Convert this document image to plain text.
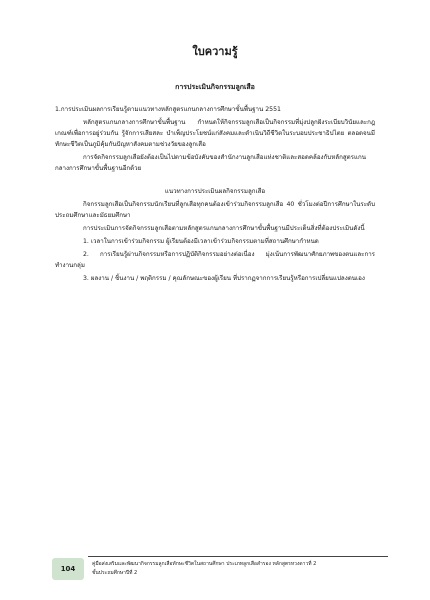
ใบความรู้
การประเมินกิจกรรมลูกเสือ

1.การประเมินผลการเรียนรู้ตามแนวทางหลักสูตรแกนกลางการศึกษาขั้นพื้นฐาน 2551

หลักสูตรแกนกลางการศึกษาขั้นพื้นฐาน กำหนดให้กิจกรรมลูกเสือเป็นกิจกรรมที่มุ่งปลูกฝังระเบียบวินัยและกฎเกณฑ์เพื่อการอยู่ร่วมกัน รู้จักการเสียสละ บำเพ็ญประโยชน์แก่สังคมและดำเนินวิถีชีวิตในระบอบประชาธิปไตย ตลอดจนมีทักษะชีวิตเป็นภูมิคุ้มกันปัญหาสังคมตามช่วงวัยของลูกเสือ

การจัดกิจกรรมลูกเสือยังต้องเป็นไปตามข้อบังคับของสำนักงานลูกเสือแห่งชาติและสอดคล้องกับหลักสูตรแกนกลางการศึกษาขั้นพื้นฐานอีกด้วย

แนวทางการประเมินผลกิจกรรมลูกเสือ

กิจกรรมลูกเสือเป็นกิจกรรมนักเรียนที่ลูกเสือทุกคนต้องเข้าร่วมกิจกรรมลูกเสือ 40 ชั่วโมงต่อปีการศึกษาในระดับประถมศึกษาและมัธยมศึกษา

การประเมินการจัดกิจกรรมลูกเสือตามหลักสูตรแกนกลางการศึกษาขั้นพื้นฐานมีประเด็นสิ่งที่ต้องประเมินดังนี้

1. เวลาในการเข้าร่วมกิจกรรม ผู้เรียนต้องมีเวลาเข้าร่วมกิจกรรมตามที่สถานศึกษากำหนด

2. การเรียนรู้ผ่านกิจกรรมหรือการปฏิบัติกิจกรรมอย่างต่อเนื่อง มุ่งเน้นการพัฒนาศักยภาพของตนและการทำงานกลุ่ม

3. ผลงาน / ชิ้นงาน / พฤติกรรม / คุณลักษณะของผู้เรียน ที่ปรากฏจากการเรียนรู้หรือการเปลี่ยนแปลงตนเอง

104
คู่มือส่งเสริมและพัฒนากิจกรรมลูกเสือทักษะชีวิตในสถานศึกษา ประเภทลูกเสือสำรอง หลักสูตรหวงดาวที่ 2
ชั้นประถมศึกษาปีที่ 2
